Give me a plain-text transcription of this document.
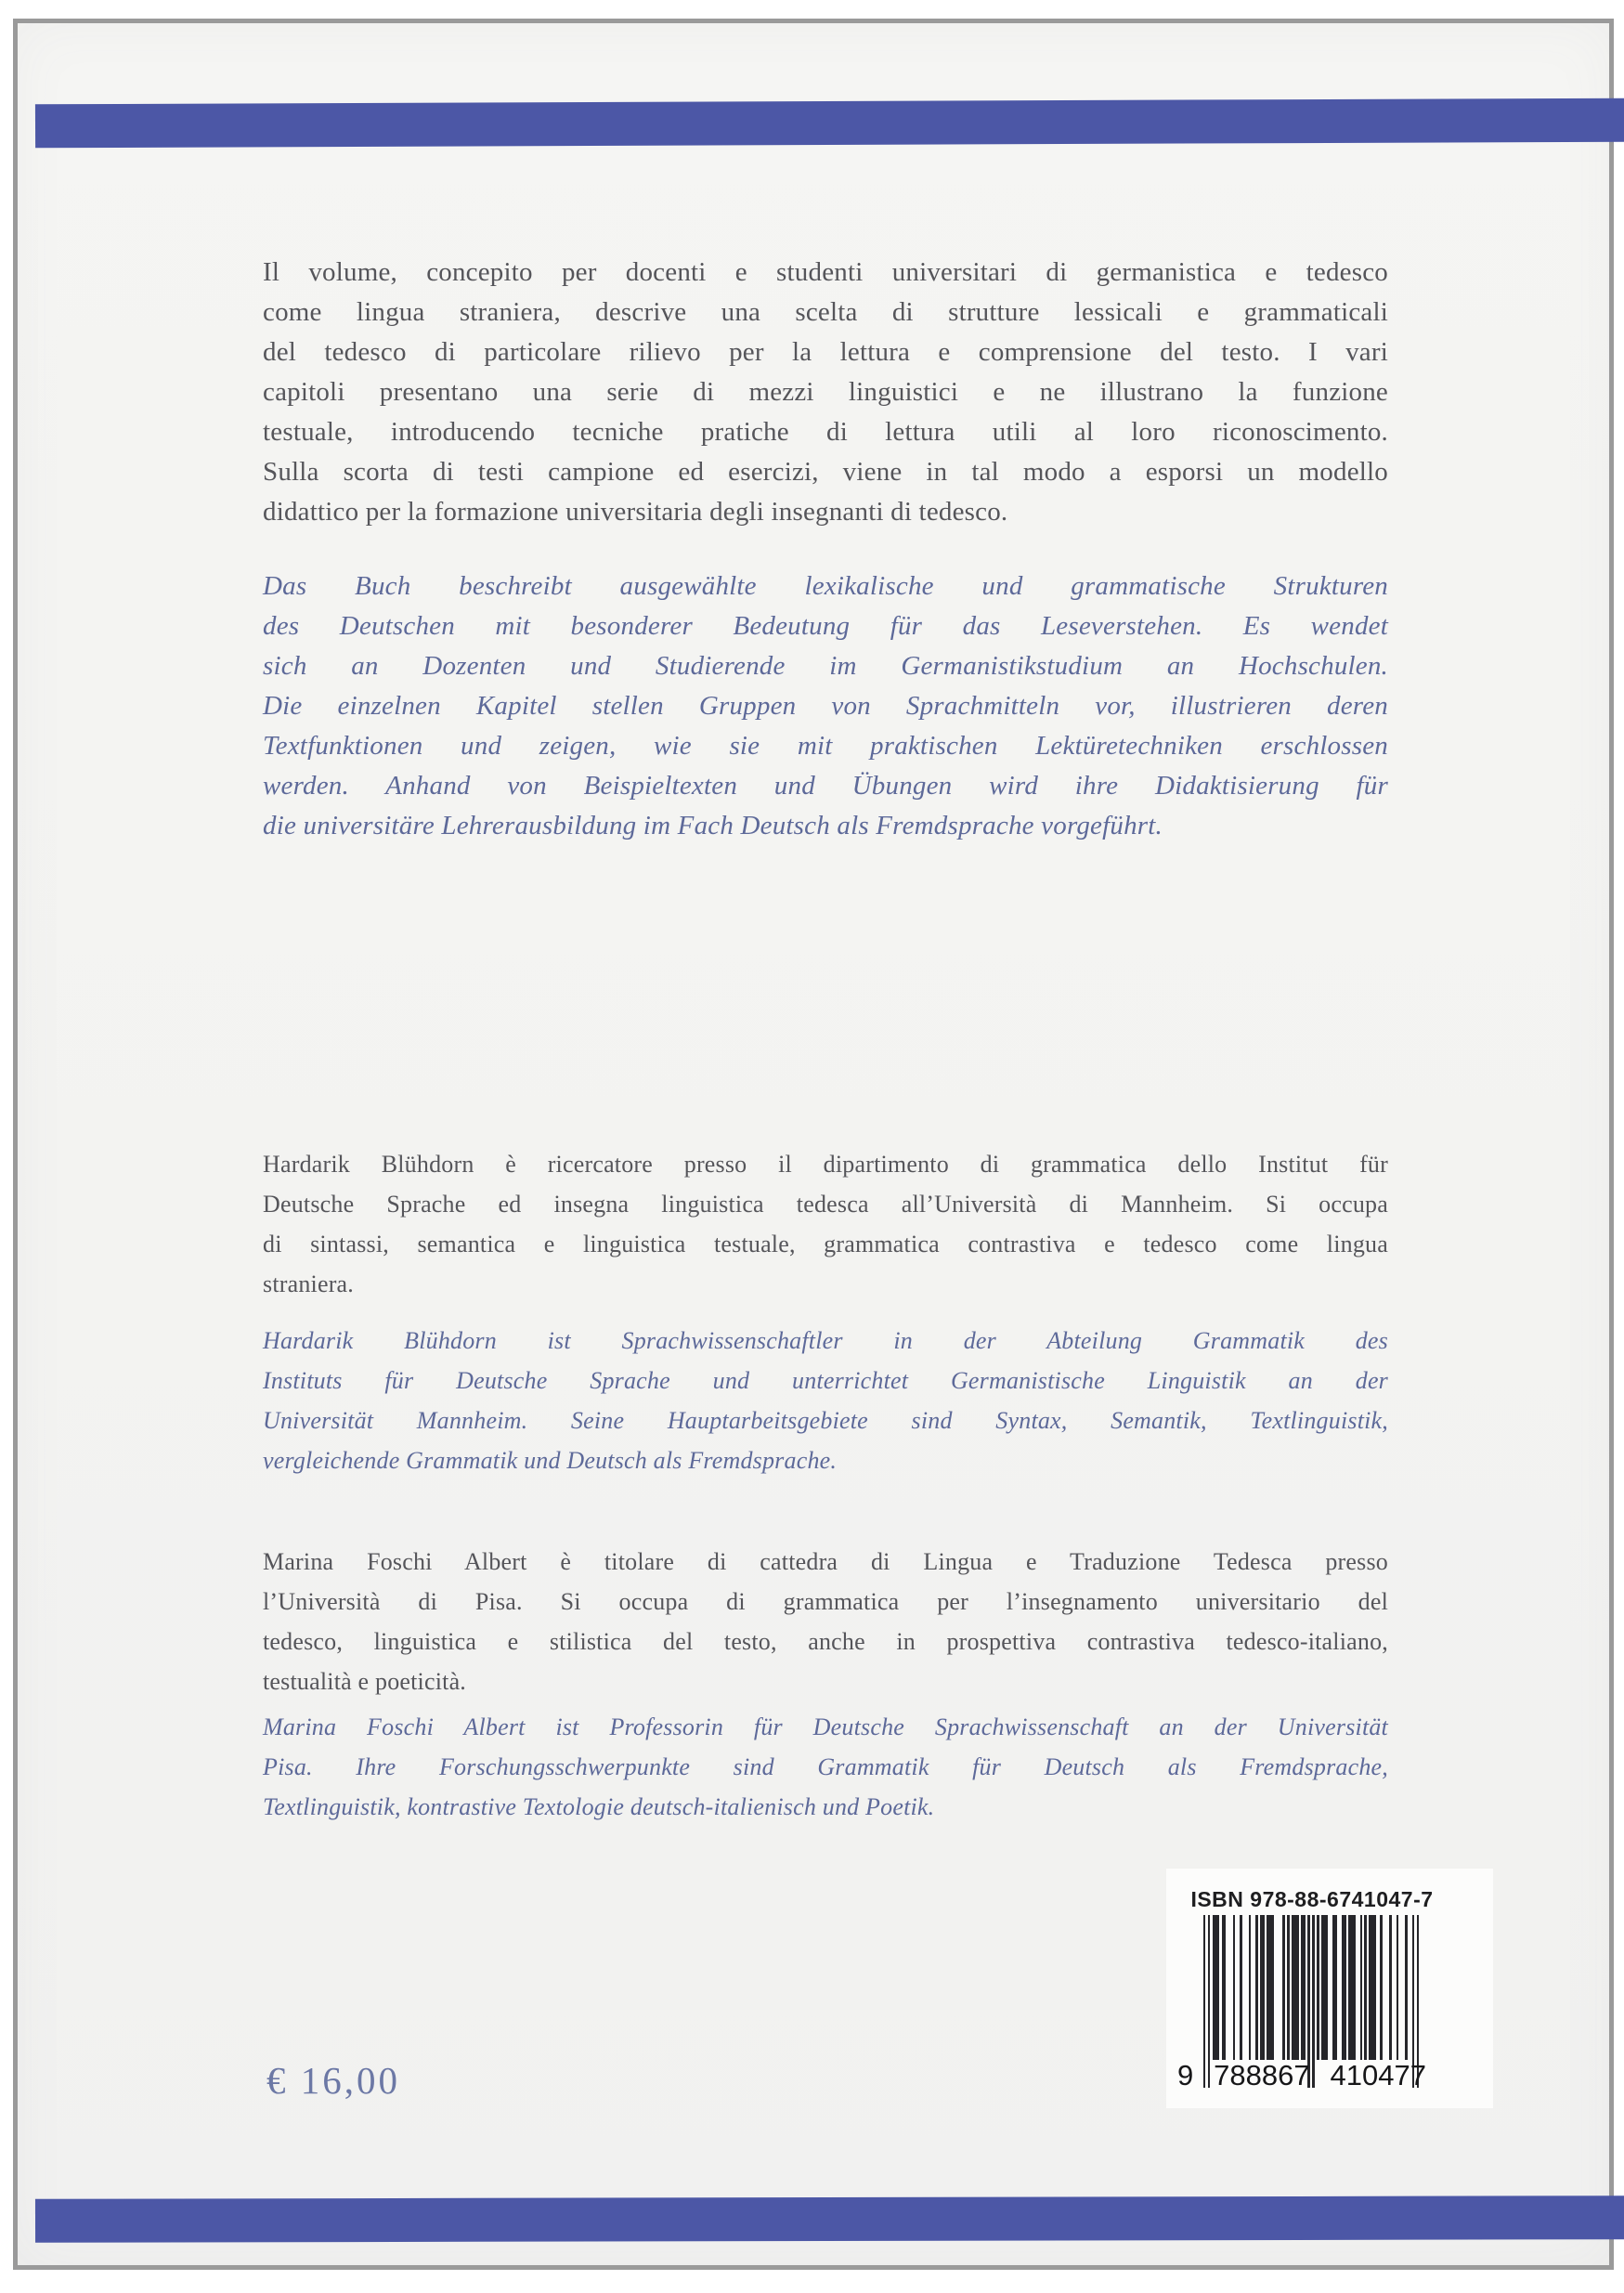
Il volume, concepito per docenti e studenti universitari di germanistica e tedesco
come lingua straniera, descrive una scelta di strutture lessicali e grammaticali
del tedesco di particolare rilievo per la lettura e comprensione del testo. I vari
capitoli presentano una serie di mezzi linguistici e ne illustrano la funzione
testuale, introducendo tecniche pratiche di lettura utili al loro riconoscimento.
Sulla scorta di testi campione ed esercizi, viene in tal modo a esporsi un modello
didattico per la formazione universitaria degli insegnanti di tedesco.
Das Buch beschreibt ausgewählte lexikalische und grammatische Strukturen
des Deutschen mit besonderer Bedeutung für das Leseverstehen. Es wendet
sich an Dozenten und Studierende im Germanistikstudium an Hochschulen.
Die einzelnen Kapitel stellen Gruppen von Sprachmitteln vor, illustrieren deren
Textfunktionen und zeigen, wie sie mit praktischen Lektüretechniken erschlossen
werden. Anhand von Beispieltexten und Übungen wird ihre Didaktisierung für
die universitäre Lehrerausbildung im Fach Deutsch als Fremdsprache vorgeführt.
Hardarik Blühdorn è ricercatore presso il dipartimento di grammatica dello Institut für
Deutsche Sprache ed insegna linguistica tedesca all’Università di Mannheim. Si occupa
di sintassi, semantica e linguistica testuale, grammatica contrastiva e tedesco come lingua
straniera.
Hardarik Blühdorn ist Sprachwissenschaftler in der Abteilung Grammatik des
Instituts für Deutsche Sprache und unterrichtet Germanistische Linguistik an der
Universität Mannheim. Seine Hauptarbeitsgebiete sind Syntax, Semantik, Textlinguistik,
vergleichende Grammatik und Deutsch als Fremdsprache.
Marina Foschi Albert è titolare di cattedra di Lingua e Traduzione Tedesca presso
l’Università di Pisa. Si occupa di grammatica per l’insegnamento universitario del
tedesco, linguistica e stilistica del testo, anche in prospettiva contrastiva tedesco-italiano,
testualità e poeticità.
Marina Foschi Albert ist Professorin für Deutsche Sprachwissenschaft an der Universität
Pisa. Ihre Forschungsschwerpunkte sind Grammatik für Deutsch als Fremdsprache,
Textlinguistik, kontrastive Textologie deutsch-italienisch und Poetik.
ISBN 978-88-6741047-7
9 788867 410477
€ 16,00
